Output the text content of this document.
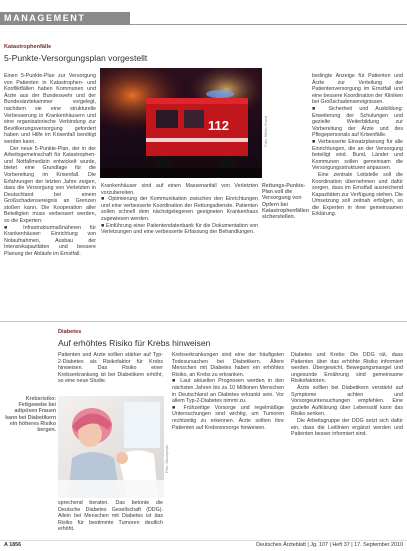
MANAGEMENT
Katastrophenfälle
5-Punkte-Versorgungsplan vorgestellt
112	Foto: Stefan Grund
Rettungs-Punkte-Plan soll die Versorgung von Opfern bei Katastrophenfällen sicherstellen.

Einen 5-Punkte-Plan zur Versorgung von Patienten in Katastrophen- und Konfliktfällen haben Kommunen und Ärzte aus der Bundeswehr und der Bundesärztekammer vorgelegt, nachdem sie eine strukturelle Verbesserung in Krankenhäusern und eine organisatorische Verbindung zur Bevölkerungsversorgung gefordert haben und Hilfe im Krisenfall benötigt werden kann.

Der neue 5-Punkte-Plan, der in der Arbeitsgemeinschaft für Katastrophen- und Notfallmedizin entwickelt wurde, bietet eine Grundlage für die Vorbereitung im Krisenfall. Die Erfahrungen der letzten Jahre zeigen, dass die Versorgung von Verletzten in Deutschland bei einem Großschadensereignis an Grenzen stoßen kann. Die Kooperation aller Beteiligten muss verbessert werden, so die Experten:

■ Infrastrukturmaßnahmen für Krankenhäuser: Einrichtung von Notaufnahmen, Ausbau der Intensivkapazitäten und bessere Planung der Abläufe im Ernstfall.

Krankenhäuser sind auf einen Massenanfall von Verletzten vorzubereiten.

■ Optimierung der Kommunikation zwischen den Einrichtungen und eine verbesserte Koordination der Rettungsdienste. Patienten sollen schnell dem nächstgelegenen geeigneten Krankenhaus zugewiesen werden.

■ Einführung einer Patientendatenbank für die Dokumentation von Verletzungen und eine verbesserte Erfassung der Behandlungen.

bedingte Anzeige für Patienten und Ärzte zur Verteilung der Patientenversorgung im Ernstfall und eine bessere Koordination der Kliniken bei Großschadensereignissen.

■ Sicherheit und Ausbildung: Erweiterung der Schulungen und gezielte Weiterbildung zur Vorbereitung der Ärzte und des Pflegepersonals auf Krisenfälle.

■ Verbesserte Einsatzplanung für alle Einrichtungen, die an der Versorgung beteiligt sind. Bund, Länder und Kommunen sollen gemeinsam die Versorgungsstrukturen anpassen.

Eine zentrale Leitstelle soll die Koordination übernehmen und dafür sorgen, dass im Ernstfall ausreichend Kapazitäten zur Verfügung stehen. Die Umsetzung soll zeitnah erfolgen, so die Experten in ihrer gemeinsamen Erklärung.

Diabetes
Auf erhöhtes Risiko für Krebs hinweisen

Patienten und Ärzte sollten stärker auf Typ-2-Diabetes als Risikofaktor für Krebs hinweisen. Das Risiko einer Krebserkrankung ist bei Diabetikern erhöht, so eine neue Studie.

Foto: iStockphoto
Krebsrisiko: Fettgewebe bei adipösen Frauen kann bei Diabetikern ein höheres Risiko bergen.

sprechend beraten. Das betonte die Deutsche Diabetes Gesellschaft (DDG). Allein bei Menschen mit Diabetes ist das Risiko für bestimmte Tumoren deutlich erhöht.

Krebserkrankungen sind eine der häufigsten Todesursachen bei Diabetikern. Ältere Menschen mit Diabetes haben ein erhöhtes Risiko, an Krebs zu erkranken.

■ Laut aktuellen Prognosen werden in den nächsten Jahren bis zu 10 Millionen Menschen in Deutschland an Diabetes erkrankt sein. Vor allem Typ-2-Diabetes nimmt zu.

■ Frühzeitige Vorsorge und regelmäßige Untersuchungen sind wichtig, um Tumoren rechtzeitig zu erkennen. Ärzte sollten ihre Patienten auf Krebsvorsorge hinweisen.

Diabetes und Krebs: Die DDG rät, dass Patienten über das erhöhte Risiko informiert werden. Übergewicht, Bewegungsmangel und ungesunde Ernährung sind gemeinsame Risikofaktoren.

Ärzte sollten bei Diabetikern verstärkt auf Symptome achten und Vorsorgeuntersuchungen empfehlen. Eine gezielte Aufklärung über Lebensstil kann das Risiko senken.

Die Arbeitsgruppe der DDG setzt sich dafür ein, dass die Leitlinien ergänzt werden und Patienten besser informiert sind.

A 1856	Deutsches Ärzteblatt | Jg. 107 | Heft 37 | 17. September 2010
